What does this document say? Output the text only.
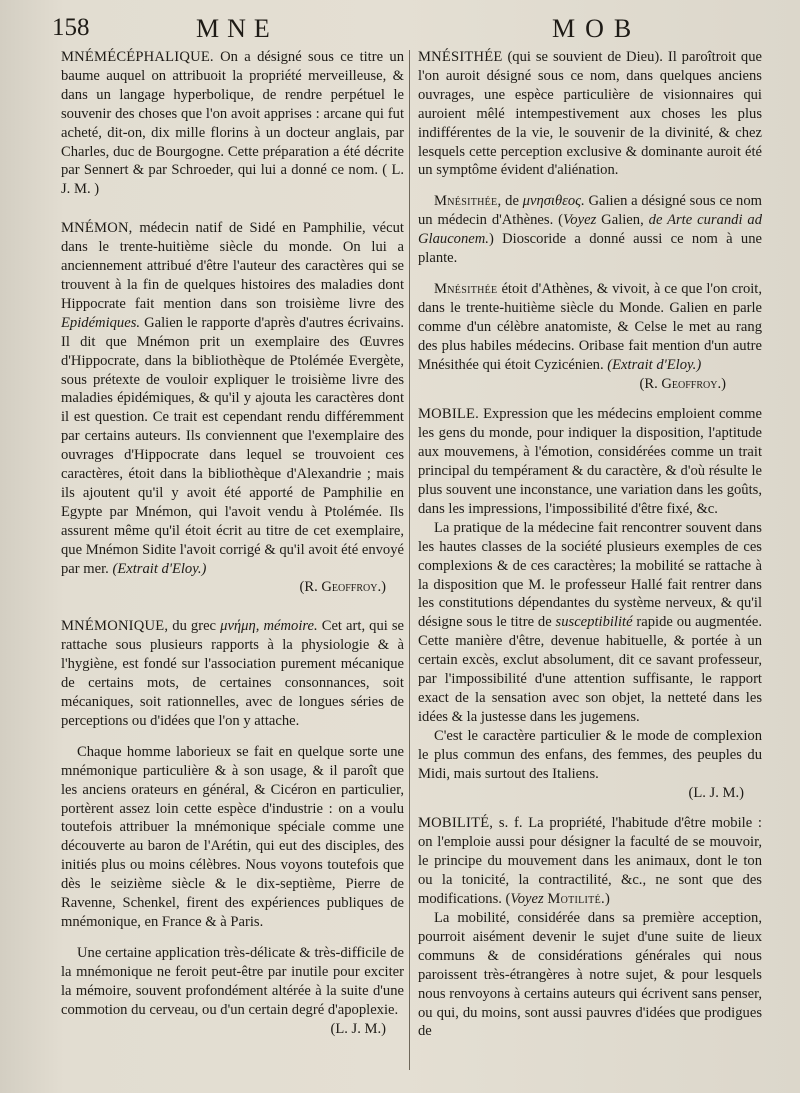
158	MNE	MOB

MNÉMÉCÉPHALIQUE. On a désigné sous ce titre un baume auquel on attribuoit la propriété merveilleuse, & dans un langage hyperbolique, de rendre perpétuel le souvenir des choses que l'on avoit apprises : arcane qui fut acheté, dit-on, dix mille florins à un docteur anglais, par Charles, duc de Bourgogne. Cette préparation a été décrite par Sennert & par Schroeder, qui lui a donné ce nom. ( L. J. M. )

MNÉMON, médecin natif de Sidé en Pamphilie, vécut dans le trente-huitième siècle du monde. On lui a anciennement attribué d'être l'auteur des caractères qui se trouvent à la fin de quelques histoires des maladies dont Hippocrate fait mention dans son troisième livre des Epidémiques. Galien le rapporte d'après d'autres écrivains. Il dit que Mnémon prit un exemplaire des Œuvres d'Hippocrate, dans la bibliothèque de Ptolémée Evergète, sous prétexte de vouloir expliquer le troisième livre des maladies épidémiques, & qu'il y ajouta les caractères dont il est question. Ce trait est cependant rendu différemment par certains auteurs. Ils conviennent que l'exemplaire des ouvrages d'Hippocrate dans lequel se trouvoient ces caractères, étoit dans la bibliothèque d'Alexandrie ; mais ils ajoutent qu'il y avoit été apporté de Pamphilie en Egypte par Mnémon, qui l'avoit vendu à Ptolémée. Ils assurent même qu'il étoit écrit au titre de cet exemplaire, que Mnémon Sidite l'avoit corrigé & qu'il avoit été envoyé par mer. (Extrait d'Eloy.)

(R. Geoffroy.)

MNÉMONIQUE, du grec μνήμη, mémoire. Cet art, qui se rattache sous plusieurs rapports à la physiologie & à l'hygiène, est fondé sur l'association purement mécanique de certains mots, de certaines consonnances, soit mécaniques, soit rationnelles, avec de longues séries de perceptions ou d'idées que l'on y attache.

Chaque homme laborieux se fait en quelque sorte une mnémonique particulière & à son usage, & il paroît que les anciens orateurs en général, & Cicéron en particulier, portèrent assez loin cette espèce d'industrie : on a voulu toutefois attribuer la mnémonique spéciale comme une découverte au baron de l'Arétin, qui eut des disciples, des initiés plus ou moins célèbres. Nous voyons toutefois que dès le seizième siècle & le dix-septième, Pierre de Ravenne, Schenkel, firent des expériences publiques de mnémonique, en France & à Paris.

Une certaine application très-délicate & très-difficile de la mnémonique ne feroit peut-être par inutile pour exciter la mémoire, souvent profondément altérée à la suite d'une commotion du cerveau, ou d'un certain degré d'apoplexie.

(L. J. M.)

MNÉSITHÉE (qui se souvient de Dieu). Il paroîtroit que l'on auroit désigné sous ce nom, dans quelques anciens ouvrages, une espèce particulière de visionnaires qui auroient mêlé intempestivement aux choses les plus indifférentes de la vie, le souvenir de la divinité, & chez lesquels cette perception exclusive & dominante auroit été un symptôme évident d'aliénation.

Mnésithée, de μνησιθεος. Galien a désigné sous ce nom un médecin d'Athènes. (Voyez Galien, de Arte curandi ad Glauconem.) Dioscoride a donné aussi ce nom à une plante.

Mnésithée étoit d'Athènes, & vivoit, à ce que l'on croit, dans le trente-huitième siècle du Monde. Galien en parle comme d'un célèbre anatomiste, & Celse le met au rang des plus habiles médecins. Oribase fait mention d'un autre Mnésithée qui étoit Cyzicénien. (Extrait d'Eloy.)

(R. Geoffroy.)

MOBILE. Expression que les médecins emploient comme les gens du monde, pour indiquer la disposition, l'aptitude aux mouvemens, à l'émotion, considérées comme un trait principal du tempérament & du caractère, & d'où résulte le plus souvent une inconstance, une variation dans les goûts, dans les impressions, l'impossibilité d'être fixé, &c.

La pratique de la médecine fait rencontrer souvent dans les hautes classes de la société plusieurs exemples de ces complexions & de ces caractères; la mobilité se rattache à la disposition que M. le professeur Hallé fait rentrer dans les constitutions dépendantes du système nerveux, & qu'il désigne sous le titre de susceptibilité rapide ou augmentée. Cette manière d'être, devenue habituelle, & portée à un certain excès, exclut absolument, dit ce savant professeur, par l'impossibilité d'une attention suffisante, le rapport exact de la sensation avec son objet, la netteté dans les idées & la justesse dans les jugemens.

C'est le caractère particulier & le mode de complexion le plus commun des enfans, des femmes, des peuples du Midi, mais surtout des Italiens.

(L. J. M.)

MOBILITÉ, s. f. La propriété, l'habitude d'être mobile : on l'emploie aussi pour désigner la faculté de se mouvoir, le principe du mouvement dans les animaux, dont le ton ou la tonicité, la contractilité, &c., ne sont que des modifications. (Voyez Motilité.)

La mobilité, considérée dans sa première acception, pourroit aisément devenir le sujet d'une suite de lieux communs & de considérations générales qui nous paroissent très-étrangères à notre sujet, & pour lesquels nous renvoyons à certains auteurs qui écrivent sans penser, ou qui, du moins, sont aussi pauvres d'idées que prodigues de
